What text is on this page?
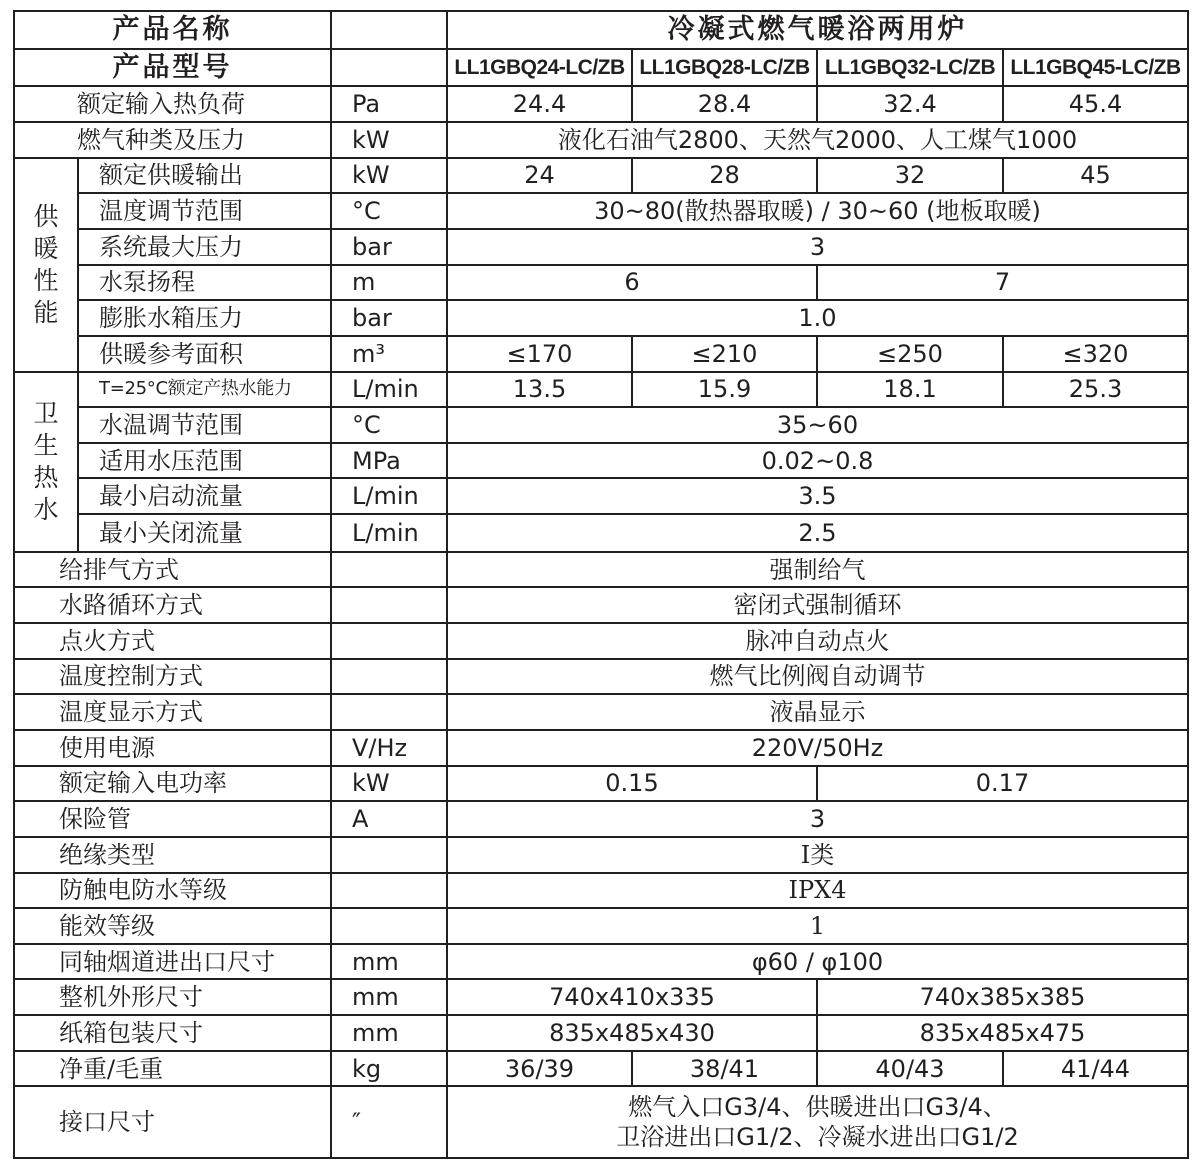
产品名称			冷凝式燃气暖浴两用炉			
产品型号			LL1GBQ24-LC/ZB	LL1GBQ28-LC/ZB	LL1GBQ32-LC/ZB	LL1GBQ45-LC/ZB
额定输入热负荷		Pa	24.4	28.4	32.4	45.4
燃气种类及压力		kW	液化石油气2800、天然气2000、人工煤气1000			
供暖性能	额定供暖输出	kW	24	28	32	45
	温度调节范围	°C	30~80(散热器取暖) / 30~60 (地板取暖)			
	系统最大压力	bar	3			
	水泵扬程	m	6		7	
	膨胀水箱压力	bar	1.0			
	供暖参考面积	m³	≤170	≤210	≤250	≤320
卫生热水	T=25°C额定产热水能力	L/min	13.5	15.9	18.1	25.3
	水温调节范围	°C	35~60			
	适用水压范围	MPa	0.02~0.8			
	最小启动流量	L/min	3.5			
	最小关闭流量	L/min	2.5			
给排气方式			强制给气			
水路循环方式			密闭式强制循环			
点火方式			脉冲自动点火			
温度控制方式			燃气比例阀自动调节			
温度显示方式			液晶显示			
使用电源		V/Hz	220V/50Hz			
额定输入电功率		kW	0.15		0.17	
保险管		A	3			
绝缘类型			I类			
防触电防水等级			IPX4			
能效等级			1			
同轴烟道进出口尺寸		mm	φ60 / φ100			
整机外形尺寸		mm	740x410x335		740x385x385	
纸箱包装尺寸		mm	835x485x430		835x485x475	
净重/毛重		kg	36/39	38/41	40/43	41/44
接口尺寸		″	燃气入口G3/4、供暖进出口G3/4、
卫浴进出口G1/2、冷凝水进出口G1/2			
